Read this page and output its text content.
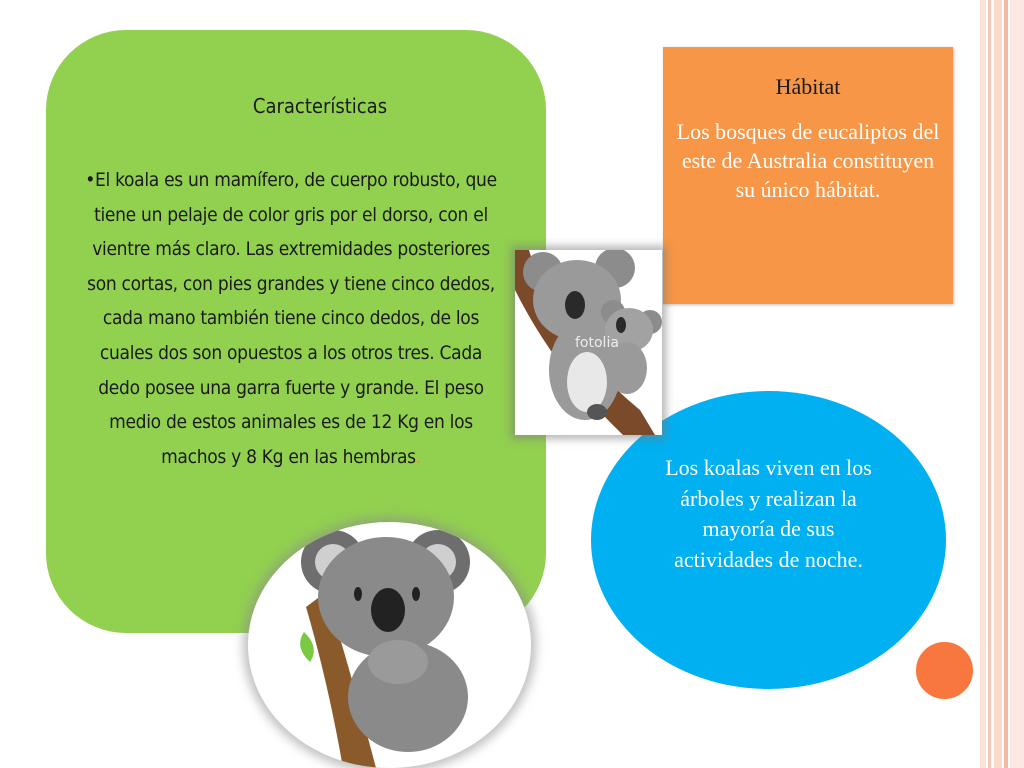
Características
•El koala es un mamífero, de cuerpo robusto, que tiene un pelaje de color gris por el dorso, con el vientre más claro. Las extremidades posteriores son cortas, con pies grandes y tiene cinco dedos, cada mano también tiene cinco dedos, de los cuales dos son opuestos a los otros tres. Cada dedo posee una garra fuerte y grande. El peso medio de estos animales es de 12 Kg en los machos y 8 Kg en las hembras.
Hábitat
Los bosques de eucaliptos del este de Australia constituyen su único hábitat.
Los koalas viven en los árboles y realizan la mayoría de sus actividades de noche.
fotolia
